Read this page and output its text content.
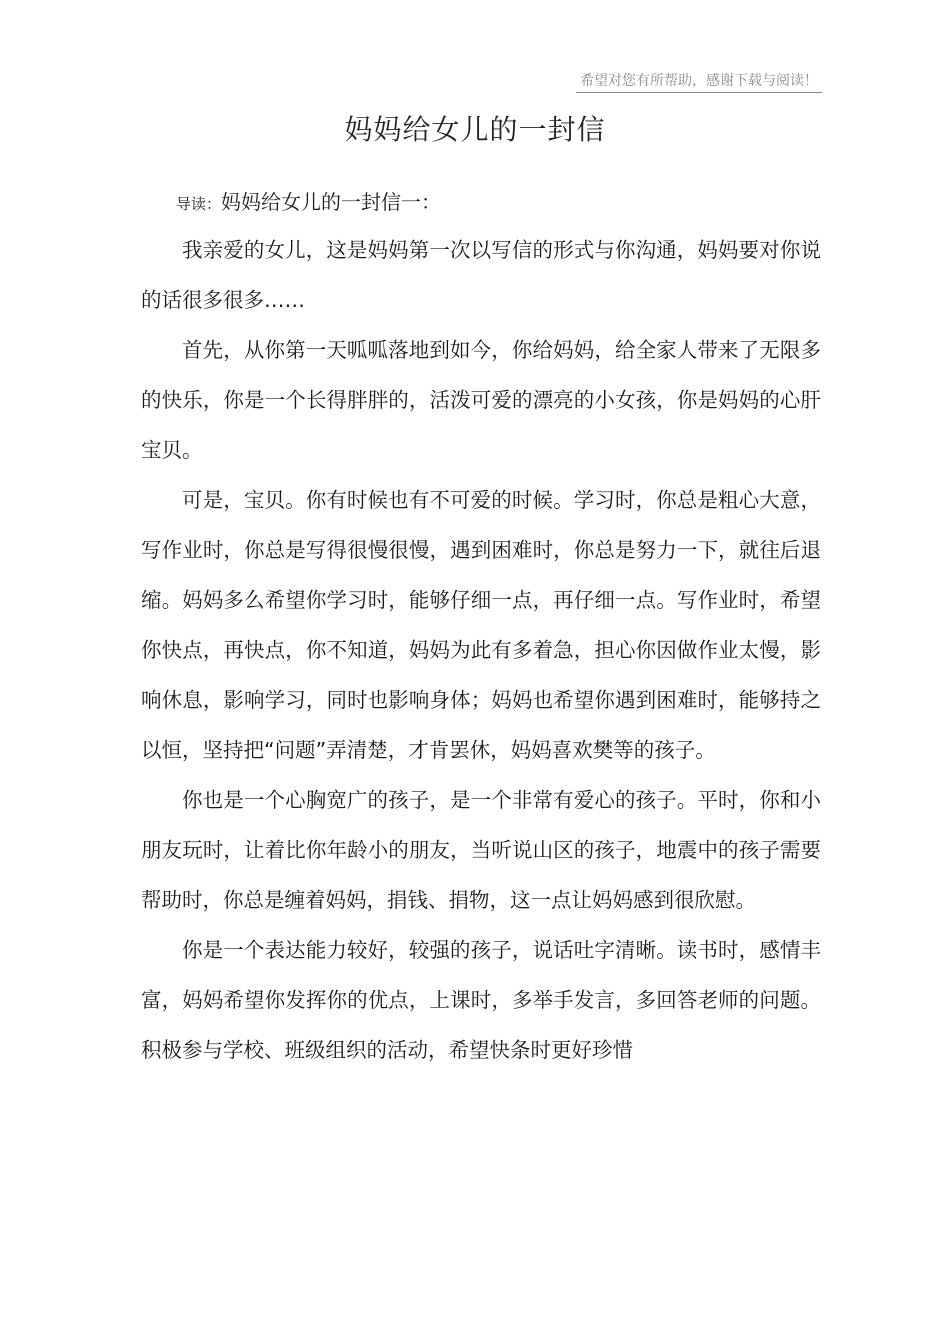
希望对您有所帮助，感谢下载与阅读！
妈妈给女儿的一封信
导读：妈妈给女儿的一封信一：

我亲爱的女儿，这是妈妈第一次以写信的形式与你沟通，妈妈要对你说的话很多很多……

首先，从你第一天呱呱落地到如今，你给妈妈，给全家人带来了无限多的快乐，你是一个长得胖胖的，活泼可爱的漂亮的小女孩，你是妈妈的心肝宝贝。

可是，宝贝。你有时候也有不可爱的时候。学习时，你总是粗心大意，写作业时，你总是写得很慢很慢，遇到困难时，你总是努力一下，就往后退缩。妈妈多么希望你学习时，能够仔细一点，再仔细一点。写作业时，希望你快点，再快点，你不知道，妈妈为此有多着急，担心你因做作业太慢，影响休息，影响学习，同时也影响身体；妈妈也希望你遇到困难时，能够持之以恒，坚持把“问题”弄清楚，才肯罢休，妈妈喜欢樊等的孩子。

你也是一个心胸宽广的孩子，是一个非常有爱心的孩子。平时，你和小朋友玩时，让着比你年龄小的朋友，当听说山区的孩子，地震中的孩子需要帮助时，你总是缠着妈妈，捐钱、捐物，这一点让妈妈感到很欣慰。

你是一个表达能力较好，较强的孩子，说话吐字清晰。读书时，感情丰富，妈妈希望你发挥你的优点，上课时，多举手发言，多回答老师的问题。积极参与学校、班级组织的活动，希望快条时更好珍惜
